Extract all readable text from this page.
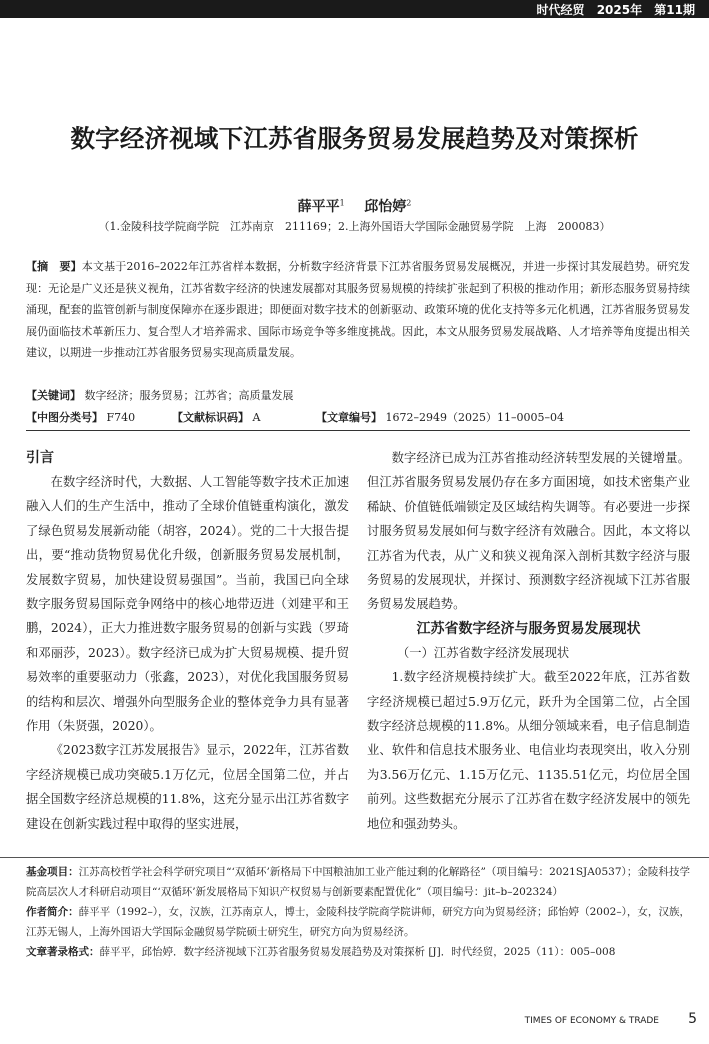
时代经贸 2025年 第11期
数字经济视域下江苏省服务贸易发展趋势及对策探析
薛平平$^1$ 邱怡婷$^2$
（1.金陵科技学院商学院　江苏南京　211169；2.上海外国语大学国际金融贸易学院　上海　200083）
【摘　要】本文基于2016–2022年江苏省样本数据，分析数字经济背景下江苏省服务贸易发展概况，并进一步探讨其发展趋势。研究发现：无论是广义还是狭义视角，江苏省数字经济的快速发展都对其服务贸易规模的持续扩张起到了积极的推动作用；新形态服务贸易持续涌现，配套的监管创新与制度保障亦在逐步跟进；即便面对数字技术的创新驱动、政策环境的优化支持等多元化机遇，江苏省服务贸易发展仍面临技术革新压力、复合型人才培养需求、国际市场竞争等多维度挑战。因此，本文从服务贸易发展战略、人才培养等角度提出相关建议，以期进一步推动江苏省服务贸易实现高质量发展。
【关键词】 数字经济；服务贸易；江苏省；高质量发展
【中图分类号】 F740	【文献标识码】 A	【文章编号】 1672–2949（2025）11–0005–04

引言

在数字经济时代，大数据、人工智能等数字技术正加速融入人们的生产生活中，推动了全球价值链重构演化，激发了绿色贸易发展新动能（胡容，2024）。党的二十大报告提出，要“推动货物贸易优化升级，创新服务贸易发展机制，发展数字贸易，加快建设贸易强国”。当前，我国已向全球数字服务贸易国际竞争网络中的核心地带迈进（刘建平和王鹏，2024），正大力推进数字服务贸易的创新与实践（罗琦和邓丽莎，2023）。数字经济已成为扩大贸易规模、提升贸易效率的重要驱动力（张鑫，2023），对优化我国服务贸易的结构和层次、增强外向型服务企业的整体竞争力具有显著作用（朱贤强，2020）。

《2023数字江苏发展报告》显示，2022年，江苏省数字经济规模已成功突破5.1万亿元，位居全国第二位，并占据全国数字经济总规模的11.8%，这充分显示出江苏省数字建设在创新实践过程中取得的坚实进展，

数字经济已成为江苏省推动经济转型发展的关键增量。但江苏省服务贸易发展仍存在多方面困境，如技术密集产业稀缺、价值链低端锁定及区域结构失调等。有必要进一步探讨服务贸易发展如何与数字经济有效融合。因此，本文将以江苏省为代表，从广义和狭义视角深入剖析其数字经济与服务贸易的发展现状，并探讨、预测数字经济视域下江苏省服务贸易发展趋势。

江苏省数字经济与服务贸易发展现状

（一）江苏省数字经济发展现状

1.数字经济规模持续扩大。截至2022年底，江苏省数字经济规模已超过5.9万亿元，跃升为全国第二位，占全国数字经济总规模的11.8%。从细分领域来看，电子信息制造业、软件和信息技术服务业、电信业均表现突出，收入分别为3.56万亿元、1.15万亿元、1135.51亿元，均位居全国前列。这些数据充分展示了江苏省在数字经济发展中的领先地位和强劲势头。

基金项目：江苏高校哲学社会科学研究项目“‘双循环’新格局下中国粮油加工业产能过剩的化解路径”（项目编号：2021SJA0537）；金陵科技学院高层次人才科研启动项目“‘双循环’新发展格局下知识产权贸易与创新要素配置优化”（项目编号：jit–b–202324）

作者简介：薛平平（1992–），女，汉族，江苏南京人，博士，金陵科技学院商学院讲师，研究方向为贸易经济；邱怡婷（2002–），女，汉族，江苏无锡人，上海外国语大学国际金融贸易学院硕士研究生，研究方向为贸易经济。

文章著录格式：薛平平，邱怡婷．数字经济视域下江苏省服务贸易发展趋势及对策探析 [J]．时代经贸，2025（11）：005–008

TIMES OF ECONOMY & TRADE 5
